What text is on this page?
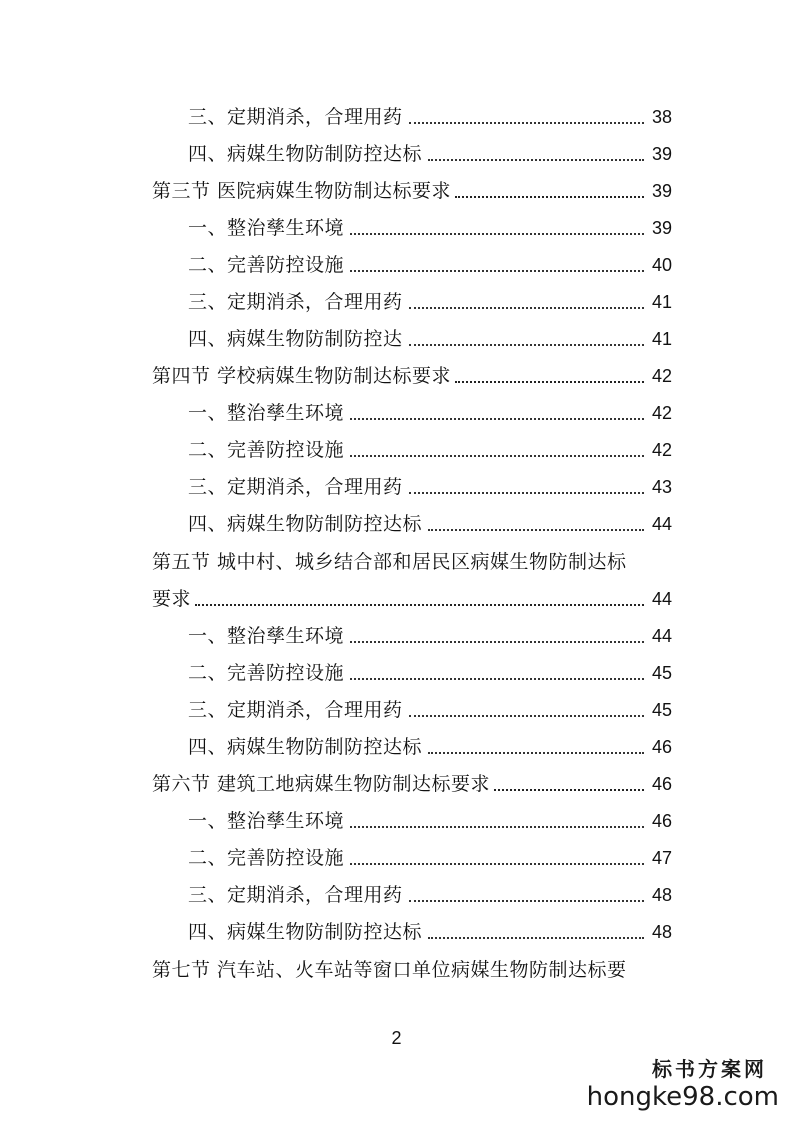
三、定期消杀，合理用药	38
四、病媒生物防制防控达标	39
第三节 医院病媒生物防制达标要求	39
一、整治孳生环境	39
二、完善防控设施	40
三、定期消杀，合理用药	41
四、病媒生物防制防控达	41
第四节 学校病媒生物防制达标要求	42
一、整治孳生环境	42
二、完善防控设施	42
三、定期消杀，合理用药	43
四、病媒生物防制防控达标	44
第五节 城中村、城乡结合部和居民区病媒生物防制达标
要求	44
一、整治孳生环境	44
二、完善防控设施	45
三、定期消杀，合理用药	45
四、病媒生物防制防控达标	46
第六节 建筑工地病媒生物防制达标要求	46
一、整治孳生环境	46
二、完善防控设施	47
三、定期消杀，合理用药	48
四、病媒生物防制防控达标	48
第七节 汽车站、火车站等窗口单位病媒生物防制达标要
2
标书方案网
hongke98.com
